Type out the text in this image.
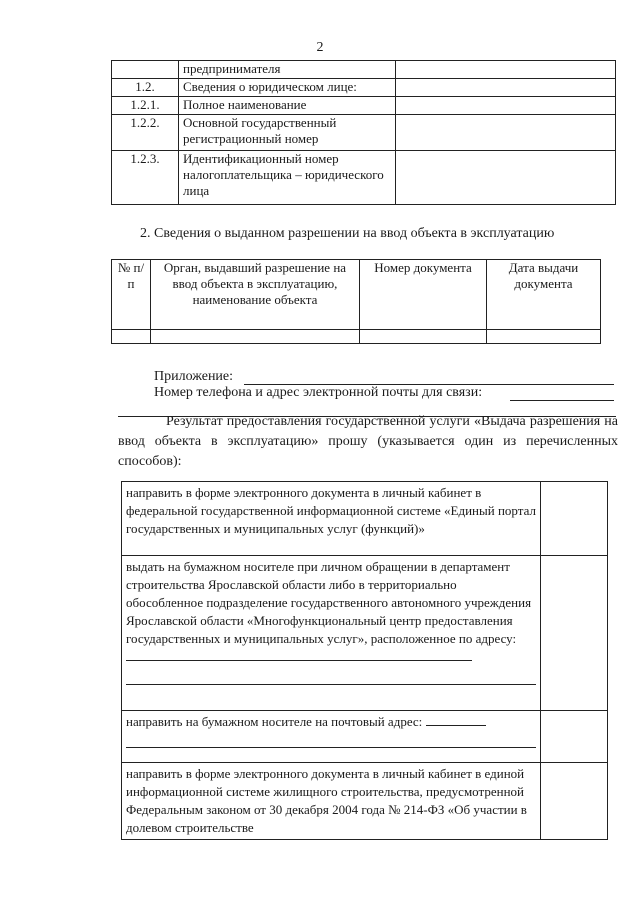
2
	предпринимателя	
1.2.	Сведения о юридическом лице:	
1.2.1.	Полное наименование	
1.2.2.	Основной государственный регистрационный номер	
1.2.3.	Идентификационный номер налогоплательщика – юридического лица	
2. Сведения о выданном разрешении на ввод объекта в эксплуатацию
№ п/п	Орган, выдавший разрешение на ввод объекта в эксплуатацию, наименование объекта	Номер документа	Дата выдачи документа

Приложение:
Номер телефона и адрес электронной почты для связи:
Результат предоставления государственной услуги «Выдача разрешения на ввод объекта в эксплуатацию» прошу (указывается один из перечисленных способов):
направить в форме электронного документа в личный кабинет в федеральной государственной информационной системе «Единый портал государственных и муниципальных услуг (функций)»	
выдать на бумажном носителе при личном обращении в департамент строительства Ярославской области либо в территориально обособленное подразделение государственного автономного учреждения Ярославской области «Многофункциональный центр предоставления государственных и муниципальных услуг», расположенное по адресу:

направить на бумажном носителе на почтовый адрес:

направить в форме электронного документа в личный кабинет в единой информационной системе жилищного строительства, предусмотренной Федеральным законом от 30 декабря 2004 года № 214-ФЗ «Об участии в долевом строительстве	
